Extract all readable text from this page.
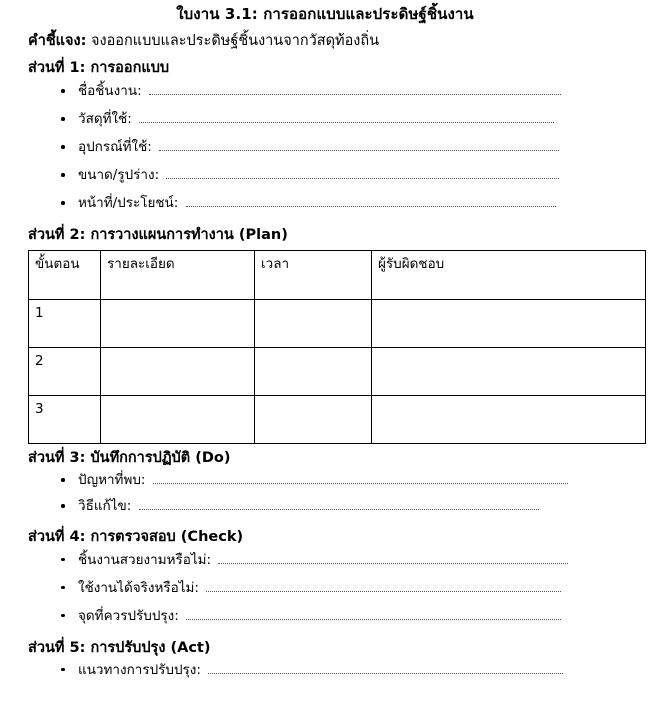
ใบงาน 3.1: การออกแบบและประดิษฐ์ชิ้นงาน
คำชี้แจง: จงออกแบบและประดิษฐ์ชิ้นงานจากวัสดุท้องถิ่น
ส่วนที่ 1: การออกแบบ
ชื่อชิ้นงาน:
วัสดุที่ใช้:
อุปกรณ์ที่ใช้:
ขนาด/รูปร่าง:
หน้าที่/ประโยชน์:
ส่วนที่ 2: การวางแผนการทำงาน (Plan)
ขั้นตอน	รายละเอียด	เวลา	ผู้รับผิดชอบ
1			
2			
3			
ส่วนที่ 3: บันทึกการปฏิบัติ (Do)
ปัญหาที่พบ:
วิธีแก้ไข:
ส่วนที่ 4: การตรวจสอบ (Check)
ชิ้นงานสวยงามหรือไม่:
ใช้งานได้จริงหรือไม่:
จุดที่ควรปรับปรุง:
ส่วนที่ 5: การปรับปรุง (Act)
แนวทางการปรับปรุง:
